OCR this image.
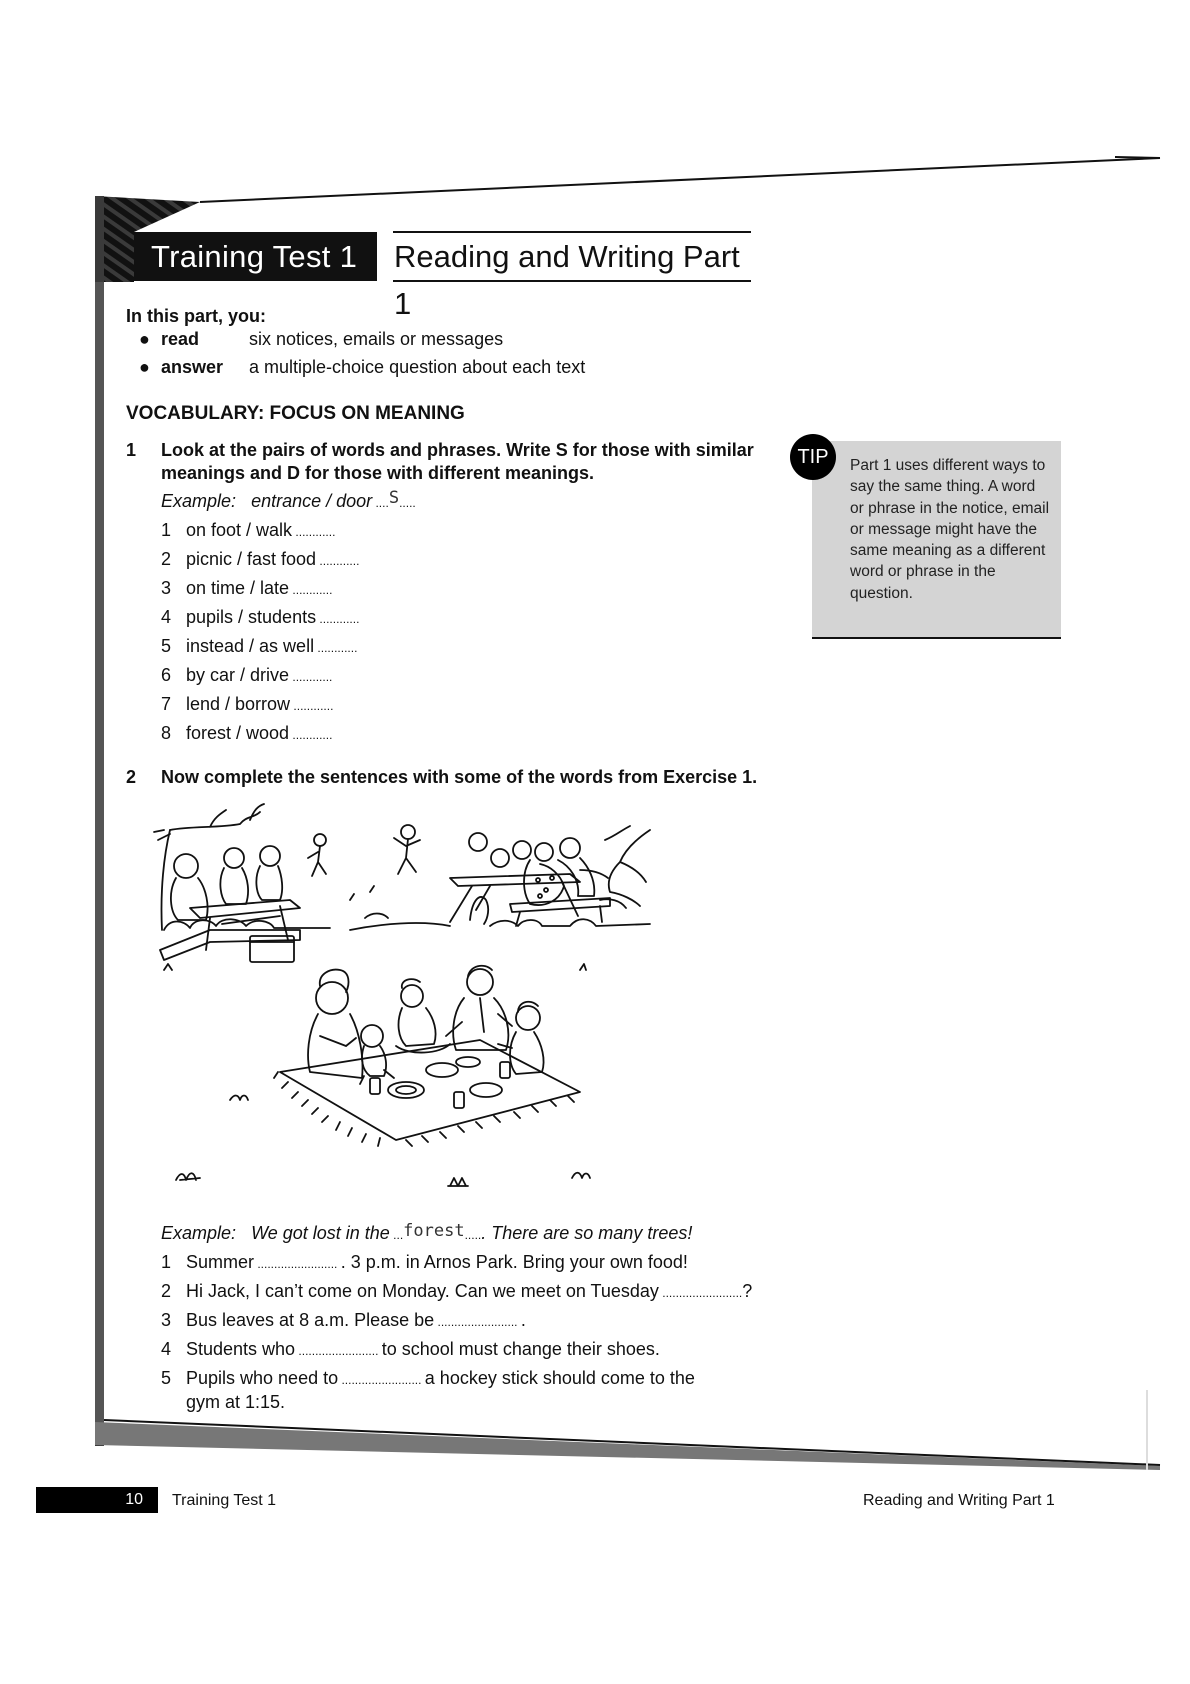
Training Test 1	Reading and Writing Part 1
In this part, you:
● read	six notices, emails or messages
● answer a multiple-choice question about each text
VOCABULARY: FOCUS ON MEANING
1 Look at the pairs of words and phrases. Write S for those with similar
meanings and D for those with different meanings.
Example: entrance / door ....S.....
1 on foot / walk ............
2 picnic / fast food ............
3 on time / late ............
4 pupils / students ............
5 instead / as well ............
6 by car / drive ............
7 lend / borrow ............
8 forest / wood ............
2 Now complete the sentences with some of the words from Exercise 1.
Example: We got lost in the ...forest...... There are so many trees!
1 Summer ........................ . 3 p.m. in Arnos Park. Bring your own food!
2 Hi Jack, I can’t come on Monday. Can we meet on Tuesday ........................?
3 Bus leaves at 8 a.m. Please be ........................ .
4 Students who ........................ to school must change their shoes.
5 Pupils who need to ........................ a hockey stick should come to the
gym at 1:15.
TIP	Part 1 uses different ways to say the same thing. A word or phrase in the notice, email or message might have the same meaning as a different word or phrase in the question.
10	Training Test 1	Reading and Writing Part 1
